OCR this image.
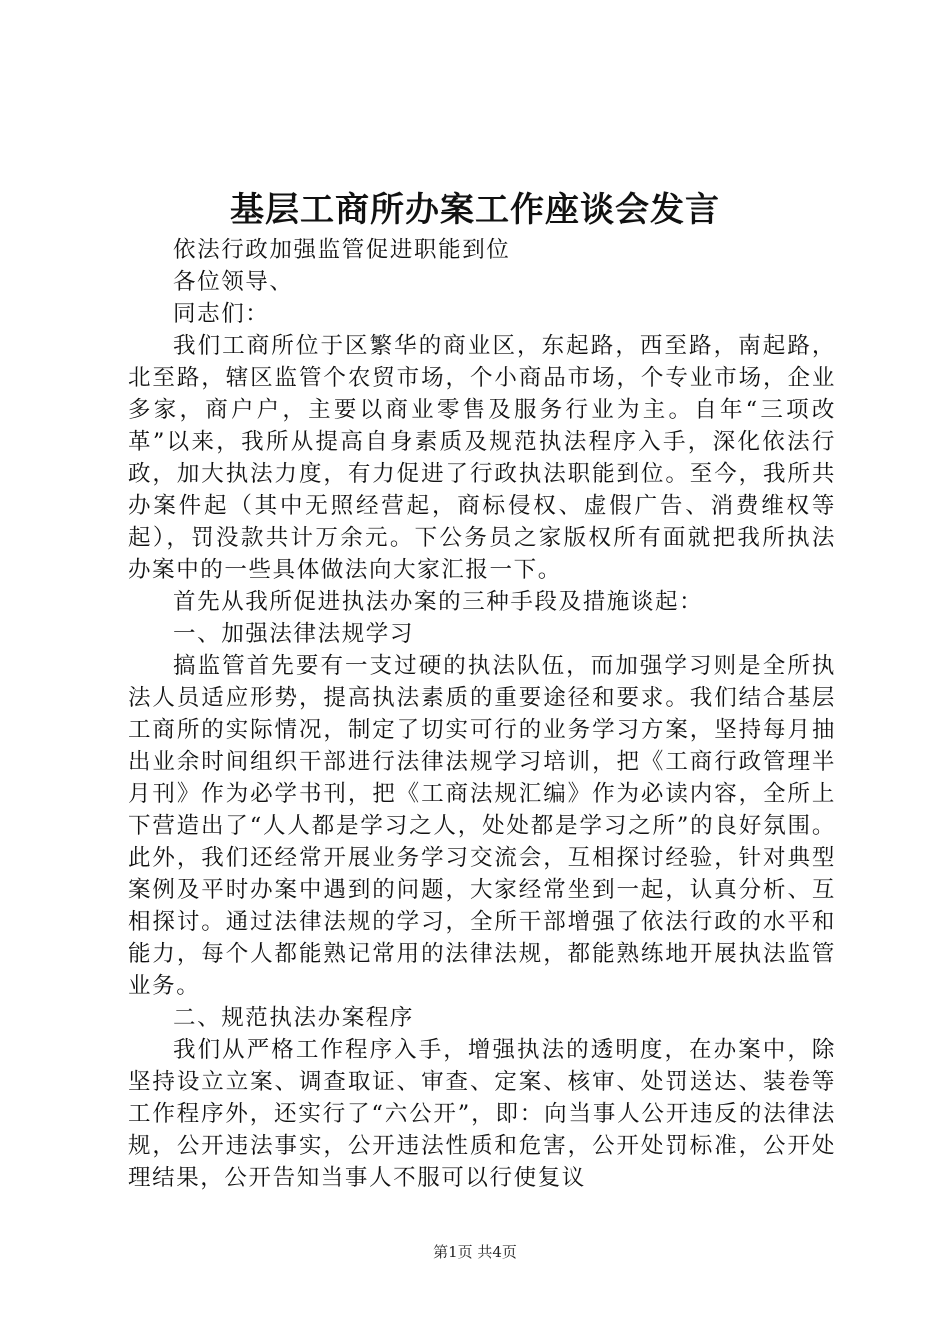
基层工商所办案工作座谈会发言

依法行政加强监管促进职能到位

各位领导、

同志们：

我们工商所位于区繁华的商业区，东起路，西至路，南起路，北至路，辖区监管个农贸市场，个小商品市场，个专业市场，企业多家，商户户，主要以商业零售及服务行业为主。自年“三项改革”以来，我所从提高自身素质及规范执法程序入手，深化依法行政，加大执法力度，有力促进了行政执法职能到位。至今，我所共办案件起（其中无照经营起，商标侵权、虚假广告、消费维权等起），罚没款共计万余元。下公务员之家版权所有面就把我所执法办案中的一些具体做法向大家汇报一下。

首先从我所促进执法办案的三种手段及措施谈起：

一、加强法律法规学习

搞监管首先要有一支过硬的执法队伍，而加强学习则是全所执法人员适应形势，提高执法素质的重要途径和要求。我们结合基层工商所的实际情况，制定了切实可行的业务学习方案，坚持每月抽出业余时间组织干部进行法律法规学习培训，把《工商行政管理半月刊》作为必学书刊，把《工商法规汇编》作为必读内容，全所上下营造出了“人人都是学习之人，处处都是学习之所”的良好氛围。此外，我们还经常开展业务学习交流会，互相探讨经验，针对典型案例及平时办案中遇到的问题，大家经常坐到一起，认真分析、互相探讨。通过法律法规的学习，全所干部增强了依法行政的水平和能力，每个人都能熟记常用的法律法规，都能熟练地开展执法监管业务。

二、规范执法办案程序

我们从严格工作程序入手，增强执法的透明度，在办案中，除坚持设立立案、调查取证、审查、定案、核审、处罚送达、装卷等工作程序外，还实行了“六公开”，即：向当事人公开违反的法律法规，公开违法事实，公开违法性质和危害，公开处罚标准，公开处理结果，公开告知当事人不服可以行使复议

第1页 共4页
